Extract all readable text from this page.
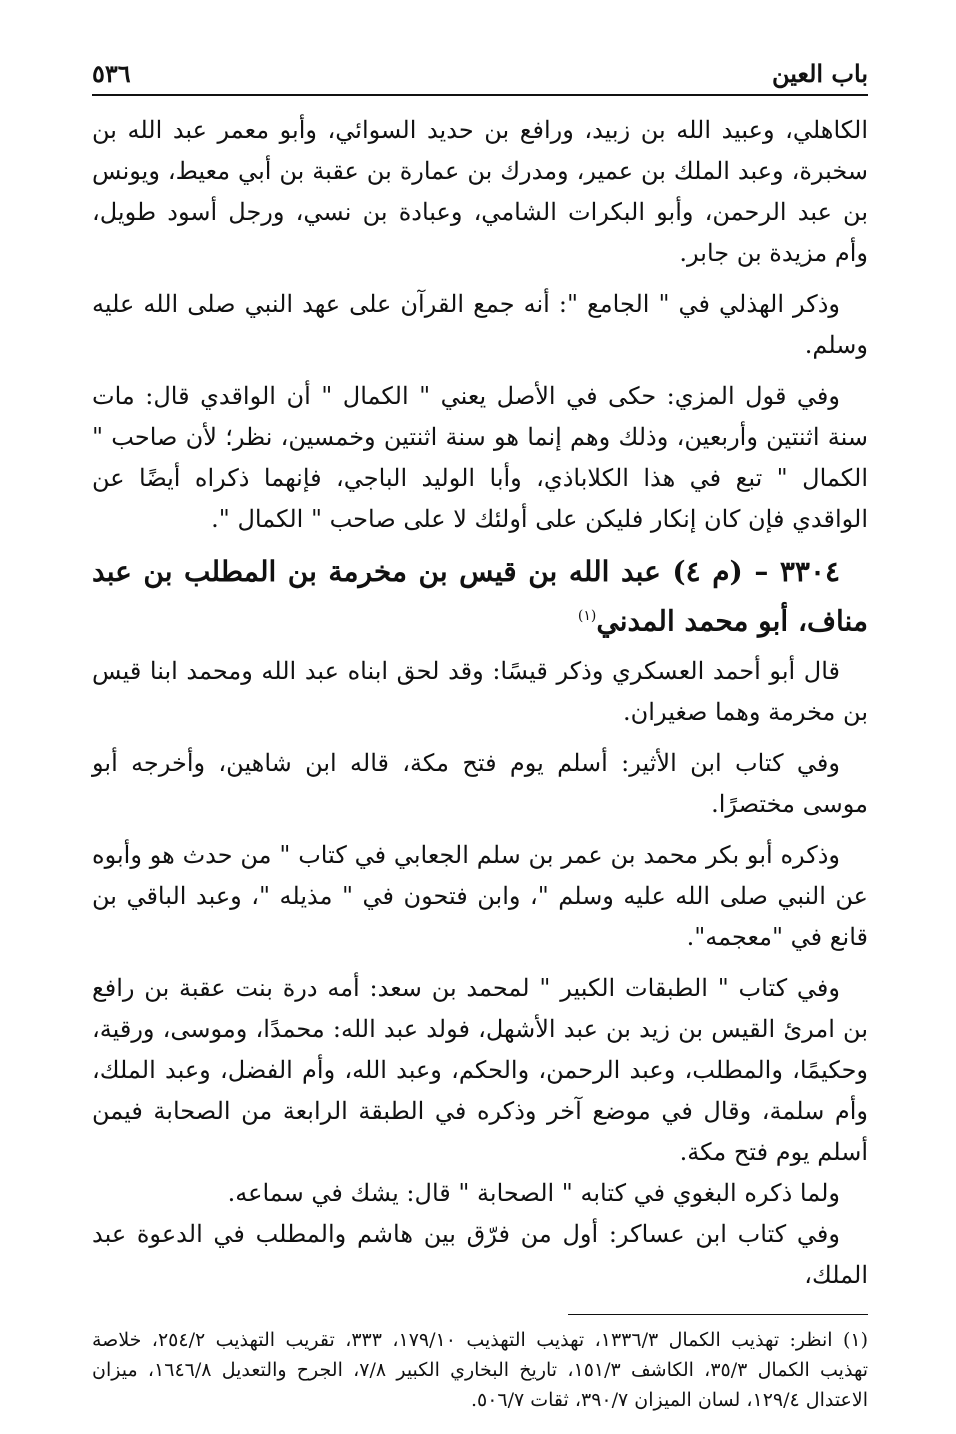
باب العين
٥٣٦

الكاهلي، وعبيد الله بن زبيد، ورافع بن حديد السوائي، وأبو معمر عبد الله بن سخبرة، وعبد الملك بن عمير، ومدرك بن عمارة بن عقبة بن أبي معيط، ويونس بن عبد الرحمن، وأبو البكرات الشامي، وعبادة بن نسي، ورجل أسود طويل، وأم مزيدة بن جابر.

وذكر الهذلي في " الجامع ": أنه جمع القرآن على عهد النبي صلى الله عليه وسلم.

وفي قول المزي: حكى في الأصل يعني " الكمال " أن الواقدي قال: مات سنة اثنتين وأربعين، وذلك وهم إنما هو سنة اثنتين وخمسين، نظر؛ لأن صاحب " الكمال " تبع في هذا الكلاباذي، وأبا الوليد الباجي، فإنهما ذكراه أيضًا عن الواقدي فإن كان إنكار فليكن على أولئك لا على صاحب " الكمال ".

٣٣٠٤ – (م ٤) عبد الله بن قيس بن مخرمة بن المطلب بن عبد مناف، أبو محمد المدني$^{(١)}$

قال أبو أحمد العسكري وذكر قيسًا: وقد لحق ابناه عبد الله ومحمد ابنا قيس بن مخرمة وهما صغيران.

وفي كتاب ابن الأثير: أسلم يوم فتح مكة، قاله ابن شاهين، وأخرجه أبو موسى مختصرًا.

وذكره أبو بكر محمد بن عمر بن سلم الجعابي في كتاب " من حدث هو وأبوه عن النبي صلى الله عليه وسلم "، وابن فتحون في " مذيله "، وعبد الباقي بن قانع في "معجمه".

وفي كتاب " الطبقات الكبير " لمحمد بن سعد: أمه درة بنت عقبة بن رافع بن امرئ القيس بن زيد بن عبد الأشهل، فولد عبد الله: محمدًا، وموسى، ورقية، وحكيمًا، والمطلب، وعبد الرحمن، والحكم، وعبد الله، وأم الفضل، وعبد الملك، وأم سلمة، وقال في موضع آخر وذكره في الطبقة الرابعة من الصحابة فيمن أسلم يوم فتح مكة.

ولما ذكره البغوي في كتابه " الصحابة " قال: يشك في سماعه.

وفي كتاب ابن عساكر: أول من فرّق بين هاشم والمطلب في الدعوة عبد الملك،

(١) انظر: تهذيب الكمال ١٣٣٦/٣، تهذيب التهذيب ١٧٩/١٠، ٣٣٣، تقريب التهذيب ٢٥٤/٢، خلاصة تهذيب الكمال ٣٥/٣، الكاشف ١٥١/٣، تاريخ البخاري الكبير ٧/٨، الجرح والتعديل ١٦٤٦/٨، ميزان الاعتدال ١٢٩/٤، لسان الميزان ٣٩٠/٧، ثقات ٥٠٦/٧.
